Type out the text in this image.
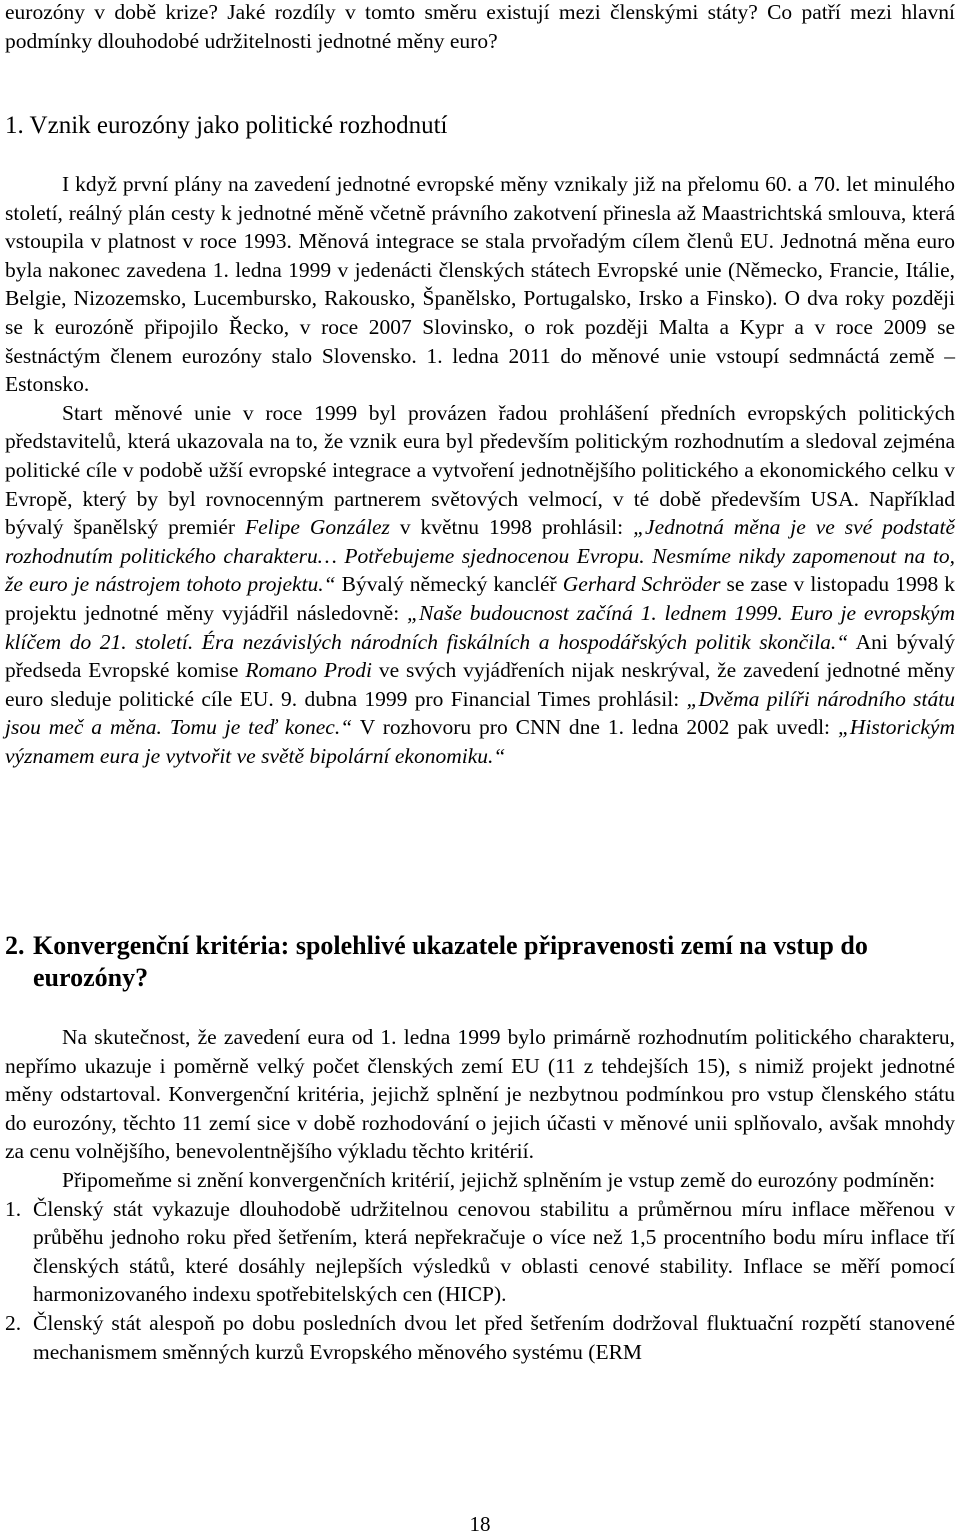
eurozóny v době krize? Jaké rozdíly v tomto směru existují mezi členskými státy? Co patří mezi hlavní podmínky dlouhodobé udržitelnosti jednotné měny euro?

1. Vznik eurozóny jako politické rozhodnutí

I když první plány na zavedení jednotné evropské měny vznikaly již na přelomu 60. a 70. let minulého století, reálný plán cesty k jednotné měně včetně právního zakotvení přinesla až Maastrichtská smlouva, která vstoupila v platnost v roce 1993. Měnová integrace se stala prvořadým cílem členů EU. Jednotná měna euro byla nakonec zavedena 1. ledna 1999 v jedenácti členských státech Evropské unie (Německo, Francie, Itálie, Belgie, Nizozemsko, Lucembursko, Rakousko, Španělsko, Portugalsko, Irsko a Finsko). O dva roky později se k eurozóně připojilo Řecko, v roce 2007 Slovinsko, o rok později Malta a Kypr a v roce 2009 se šestnáctým členem eurozóny stalo Slovensko. 1. ledna 2011 do měnové unie vstoupí sedmnáctá země – Estonsko.

Start měnové unie v roce 1999 byl provázen řadou prohlášení předních evropských politických představitelů, která ukazovala na to, že vznik eura byl především politickým rozhodnutím a sledoval zejména politické cíle v podobě užší evropské integrace a vytvoření jednotnějšího politického a ekonomického celku v Evropě, který by byl rovnocenným partnerem světových velmocí, v té době především USA. Například bývalý španělský premiér Felipe González v květnu 1998 prohlásil: „Jednotná měna je ve své podstatě rozhodnutím politického charakteru… Potřebujeme sjednocenou Evropu. Nesmíme nikdy zapomenout na to, že euro je nástrojem tohoto projektu.“ Bývalý německý kancléř Gerhard Schröder se zase v listopadu 1998 k projektu jednotné měny vyjádřil následovně: „Naše budoucnost začíná 1. lednem 1999. Euro je evropským klíčem do 21. století. Éra nezávislých národních fiskálních a hospodářských politik skončila.“ Ani bývalý předseda Evropské komise Romano Prodi ve svých vyjádřeních nijak neskrýval, že zavedení jednotné měny euro sleduje politické cíle EU. 9. dubna 1999 pro Financial Times prohlásil: „Dvěma pilíři národního státu jsou meč a měna. Tomu je teď konec.“ V rozhovoru pro CNN dne 1. ledna 2002 pak uvedl: „Historickým významem eura je vytvořit ve světě bipolární ekonomiku.“

2. Konvergenční kritéria: spolehlivé ukazatele připravenosti zemí na vstup do eurozóny?

Na skutečnost, že zavedení eura od 1. ledna 1999 bylo primárně rozhodnutím politického charakteru, nepřímo ukazuje i poměrně velký počet členských zemí EU (11 z tehdejších 15), s nimiž projekt jednotné měny odstartoval. Konvergenční kritéria, jejichž splnění je nezbytnou podmínkou pro vstup členského státu do eurozóny, těchto 11 zemí sice v době rozhodování o jejich účasti v měnové unii splňovalo, avšak mnohdy za cenu volnějšího, benevolentnějšího výkladu těchto kritérií.

Připomeňme si znění konvergenčních kritérií, jejichž splněním je vstup země do eurozóny podmíněn:

1. Členský stát vykazuje dlouhodobě udržitelnou cenovou stabilitu a průměrnou míru inflace měřenou v průběhu jednoho roku před šetřením, která nepřekračuje o více než 1,5 procentního bodu míru inflace tří členských států, které dosáhly nejlepších výsledků v oblasti cenové stability. Inflace se měří pomocí harmonizovaného indexu spotřebitelských cen (HICP).
2. Členský stát alespoň po dobu posledních dvou let před šetřením dodržoval fluktuační rozpětí stanovené mechanismem směnných kurzů Evropského měnového systému (ERM
18
